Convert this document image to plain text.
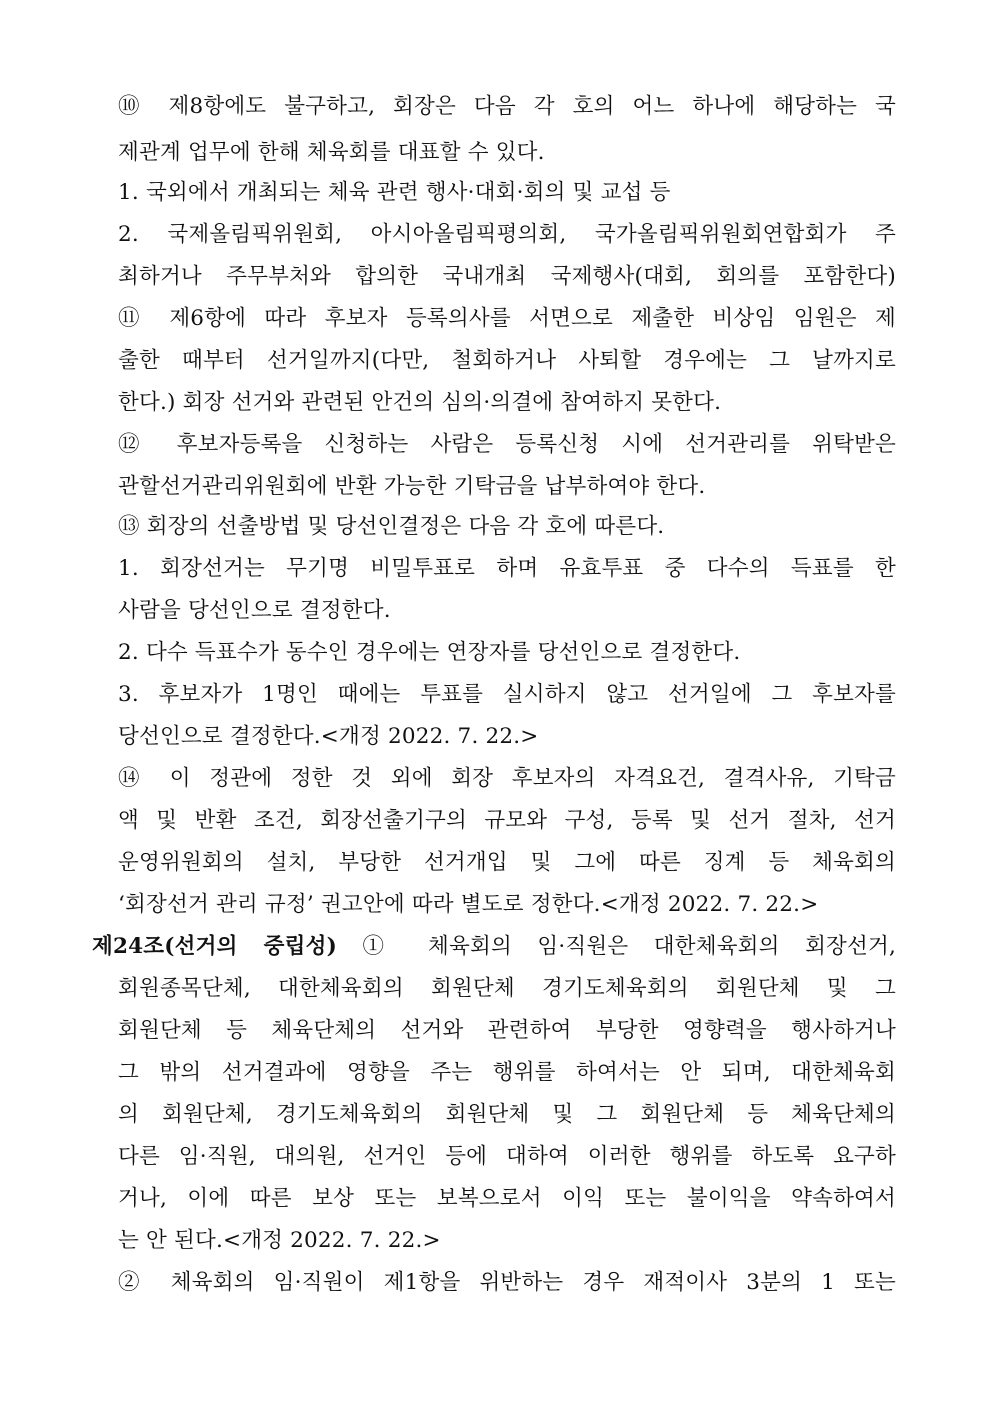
⑩ 제8항에도 불구하고, 회장은 다음 각 호의 어느 하나에 해당하는 국
제관계 업무에 한해 체육회를 대표할 수 있다.
1. 국외에서 개최되는 체육 관련 행사·대회·회의 및 교섭 등
2. 국제올림픽위원회, 아시아올림픽평의회, 국가올림픽위원회연합회가 주
최하거나 주무부처와 합의한 국내개최 국제행사(대회, 회의를 포함한다)
⑪ 제6항에 따라 후보자 등록의사를 서면으로 제출한 비상임 임원은 제
출한 때부터 선거일까지(다만, 철회하거나 사퇴할 경우에는 그 날까지로
한다.) 회장 선거와 관련된 안건의 심의·의결에 참여하지 못한다.
⑫ 후보자등록을 신청하는 사람은 등록신청 시에 선거관리를 위탁받은
관할선거관리위원회에 반환 가능한 기탁금을 납부하여야 한다.
⑬ 회장의 선출방법 및 당선인결정은 다음 각 호에 따른다.
1. 회장선거는 무기명 비밀투표로 하며 유효투표 중 다수의 득표를 한
사람을 당선인으로 결정한다.
2. 다수 득표수가 동수인 경우에는 연장자를 당선인으로 결정한다.
3. 후보자가 1명인 때에는 투표를 실시하지 않고 선거일에 그 후보자를
당선인으로 결정한다.<개정 2022. 7. 22.>
⑭ 이 정관에 정한 것 외에 회장 후보자의 자격요건, 결격사유, 기탁금
액 및 반환 조건, 회장선출기구의 규모와 구성, 등록 및 선거 절차, 선거
운영위원회의 설치, 부당한 선거개입 및 그에 따른 징계 등 체육회의
‘회장선거 관리 규정’ 권고안에 따라 별도로 정한다.<개정 2022. 7. 22.>
제24조(선거의 중립성) ① 체육회의 임·직원은 대한체육회의 회장선거,
회원종목단체, 대한체육회의 회원단체 경기도체육회의 회원단체 및 그
회원단체 등 체육단체의 선거와 관련하여 부당한 영향력을 행사하거나
그 밖의 선거결과에 영향을 주는 행위를 하여서는 안 되며, 대한체육회
의 회원단체, 경기도체육회의 회원단체 및 그 회원단체 등 체육단체의
다른 임·직원, 대의원, 선거인 등에 대하여 이러한 행위를 하도록 요구하
거나, 이에 따른 보상 또는 보복으로서 이익 또는 불이익을 약속하여서
는 안 된다.<개정 2022. 7. 22.>
② 체육회의 임·직원이 제1항을 위반하는 경우 재적이사 3분의 1 또는
